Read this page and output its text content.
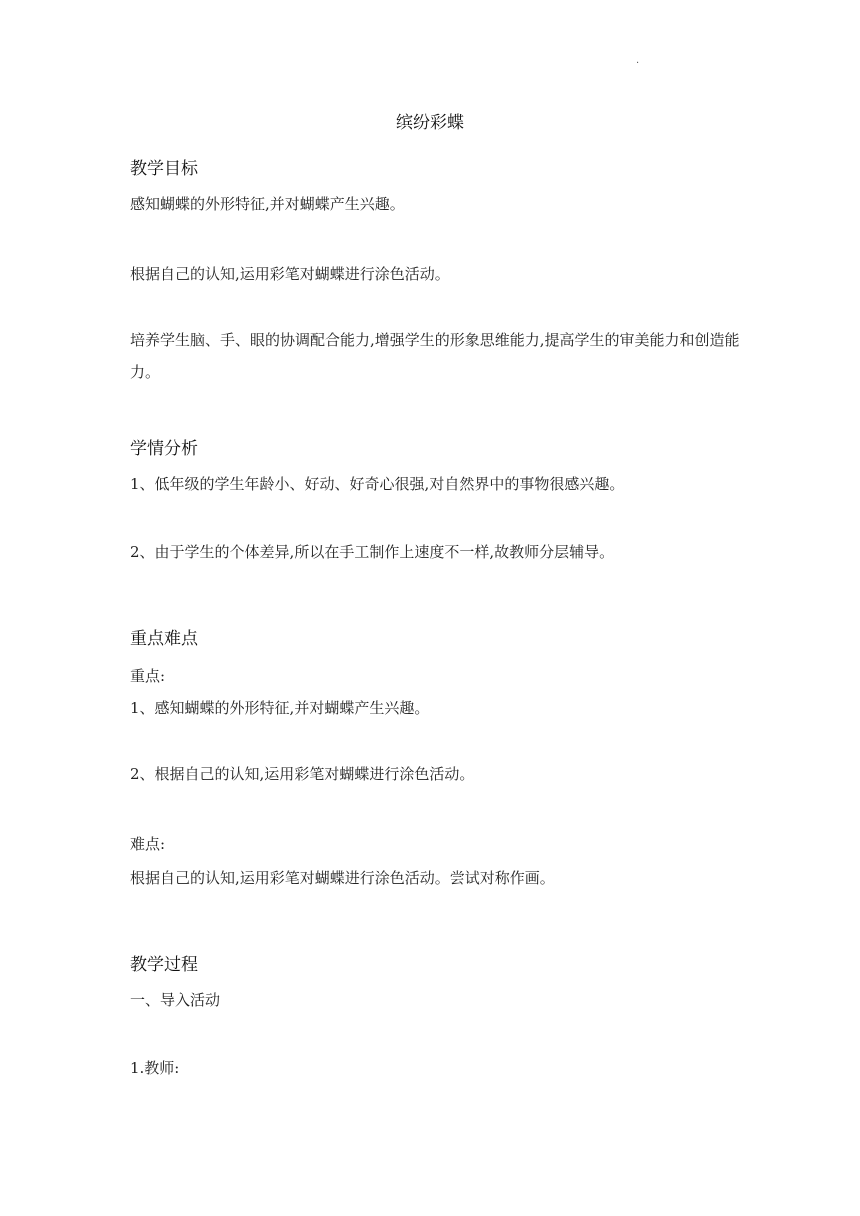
·
缤纷彩蝶
教学目标
感知蝴蝶的外形特征,并对蝴蝶产生兴趣。
根据自己的认知,运用彩笔对蝴蝶进行涂色活动。
培养学生脑、手、眼的协调配合能力,增强学生的形象思维能力,提高学生的审美能力和创造能力。
学情分析
1、低年级的学生年龄小、好动、好奇心很强,对自然界中的事物很感兴趣。
2、由于学生的个体差异,所以在手工制作上速度不一样,故教师分层辅导。
重点难点
重点:
1、感知蝴蝶的外形特征,并对蝴蝶产生兴趣。
2、根据自己的认知,运用彩笔对蝴蝶进行涂色活动。
难点:
根据自己的认知,运用彩笔对蝴蝶进行涂色活动。尝试对称作画。
教学过程
一、导入活动
1.教师:
